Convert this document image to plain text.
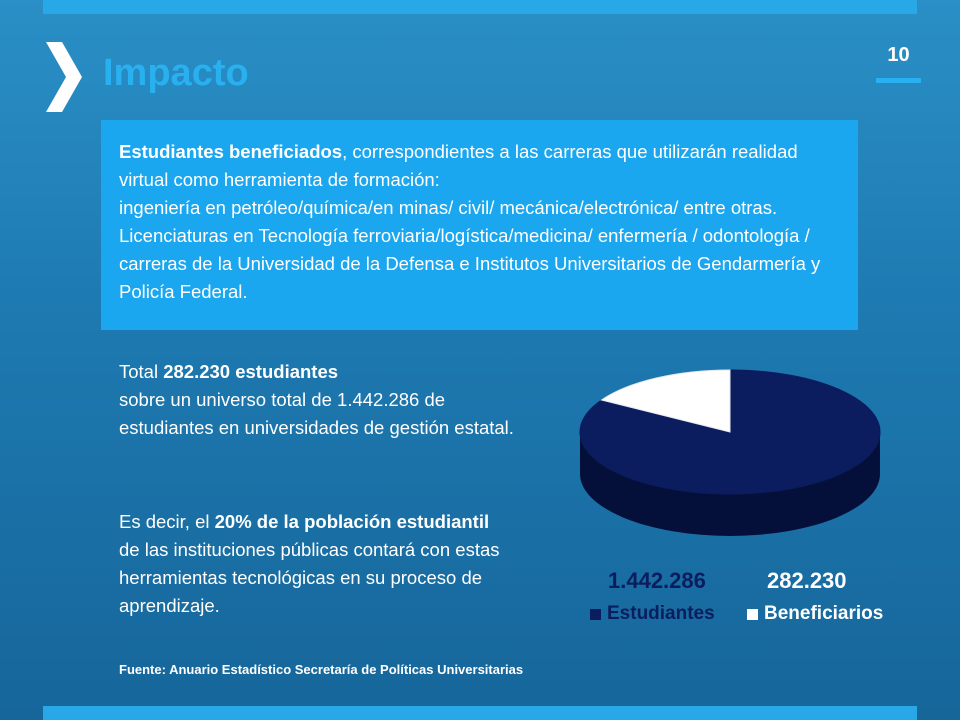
Impacto	10
Estudiantes beneficiados, correspondientes a las carreras que utilizarán realidad virtual como herramienta de formación:
ingeniería en petróleo/química/en minas/ civil/ mecánica/electrónica/ entre otras. Licenciaturas en Tecnología ferroviaria/logística/medicina/ enfermería / odontología / carreras de la Universidad de la Defensa e Institutos Universitarios de Gendarmería y Policía Federal.
Total 282.230 estudiantes
sobre un universo total de 1.442.286 de estudiantes en universidades de gestión estatal.
Es decir, el 20% de la población estudiantil
de las instituciones públicas contará con estas herramientas tecnológicas en su proceso de aprendizaje.
1.442.286	282.230
Estudiantes	Beneficiarios
Fuente: Anuario Estadístico Secretaría de Políticas Universitarias
